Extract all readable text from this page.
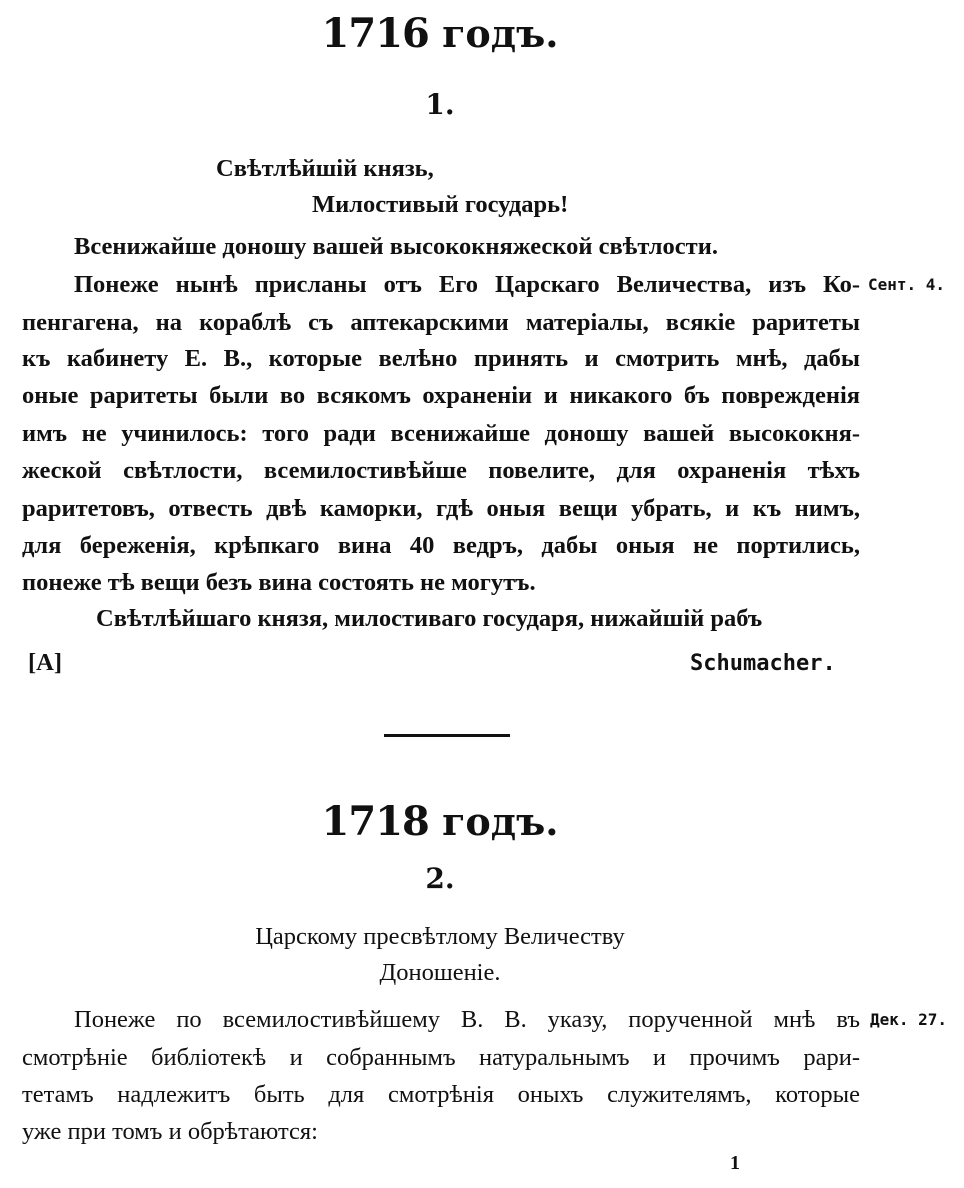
1716 годъ.
1.
Свѣтлѣйшій князь,
Милостивый государь!
Всенижайше доношу вашей высококняжеской свѣтлости.
Понеже нынѣ присланы отъ Его Царскаго Величества, изъ Ко- Сент. 4.
пенгагена, на кораблѣ съ аптекарскими матеріалы, всякіе раритеты
къ кабинету Е. В., которые велѣно принять и смотрить мнѣ, дабы
оные раритеты были во всякомъ охраненіи и никакого бъ поврежденія
имъ не учинилось: того ради всенижайше доношу вашей высококня-
жеской свѣтлости, всемилостивѣйше повелите, для охраненія тѣхъ
раритетовъ, отвесть двѣ каморки, гдѣ оныя вещи убрать, и къ нимъ,
для береженія, крѣпкаго вина 40 ведръ, дабы оныя не портились,
понеже тѣ вещи безъ вина состоять не могутъ.
Свѣтлѣйшаго князя, милостиваго государя, нижайшій рабъ
[A]	Schumacher.
1718 годъ.
2.
Царскому пресвѣтлому Величеству
Доношеніе.
Понеже по всемилостивѣйшему В. В. указу, порученной мнѣ въ Дек. 27.
смотрѣніе библіотекѣ и собраннымъ натуральнымъ и прочимъ рари-
тетамъ надлежитъ быть для смотрѣнія оныхъ служителямъ, которые
уже при томъ и обрѣтаются:
1
